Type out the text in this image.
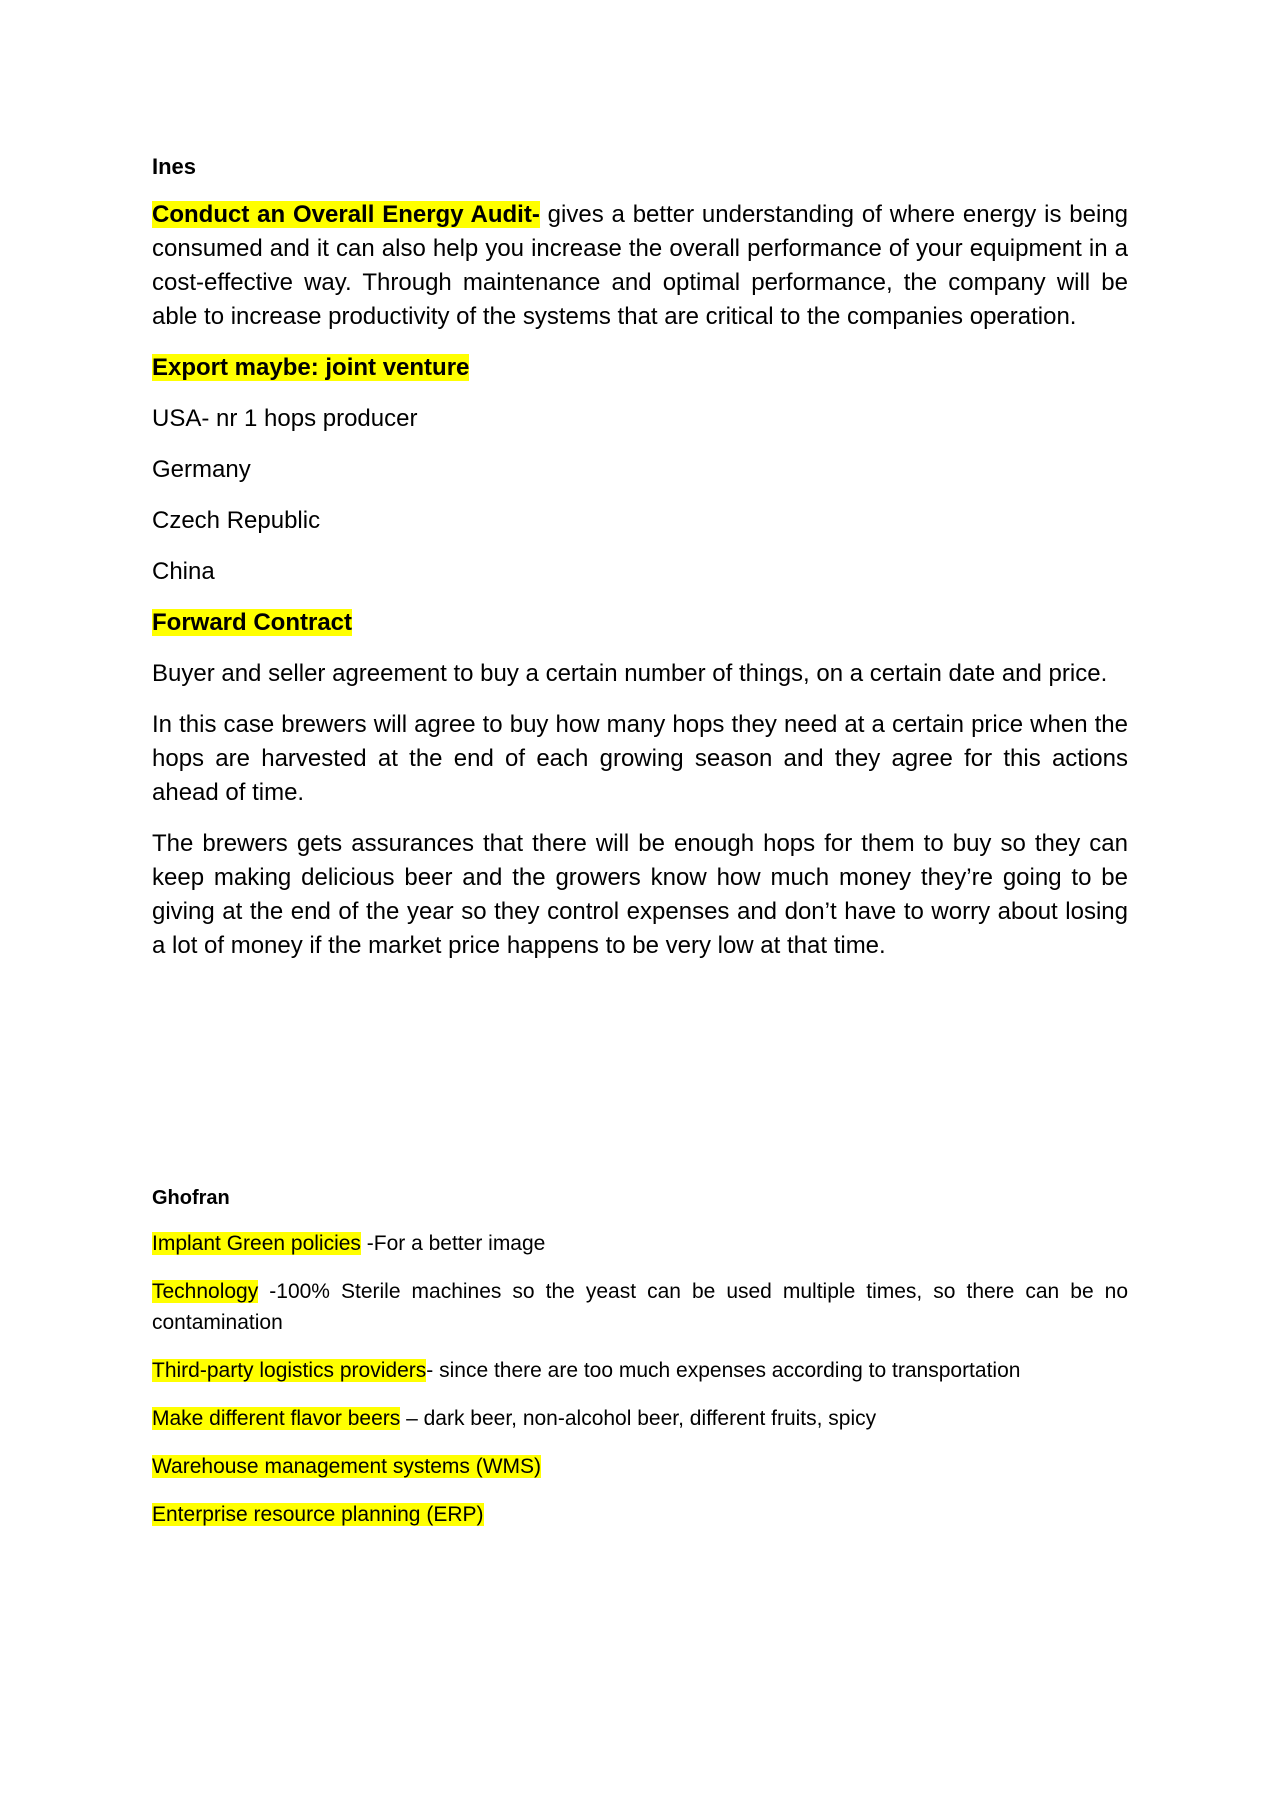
Ines

Conduct an Overall Energy Audit- gives a better understanding of where energy is being consumed and it can also help you increase the overall performance of your equipment in a cost-effective way. Through maintenance and optimal performance, the company will be able to increase productivity of the systems that are critical to the companies operation.

Export maybe: joint venture

USA- nr 1 hops producer

Germany

Czech Republic

China

Forward Contract

Buyer and seller agreement to buy a certain number of things, on a certain date and price.

In this case brewers will agree to buy how many hops they need at a certain price when the hops are harvested at the end of each growing season and they agree for this actions ahead of time.

The brewers gets assurances that there will be enough hops for them to buy so they can keep making delicious beer and the growers know how much money they’re going to be giving at the end of the year so they control expenses and don’t have to worry about losing a lot of money if the market price happens to be very low at that time.

Ghofran

Implant Green policies -For a better image

Technology -100% Sterile machines so the yeast can be used multiple times, so there can be no contamination

Third-party logistics providers- since there are too much expenses according to transportation

Make different flavor beers – dark beer, non-alcohol beer, different fruits, spicy

Warehouse management systems (WMS)

Enterprise resource planning (ERP)
